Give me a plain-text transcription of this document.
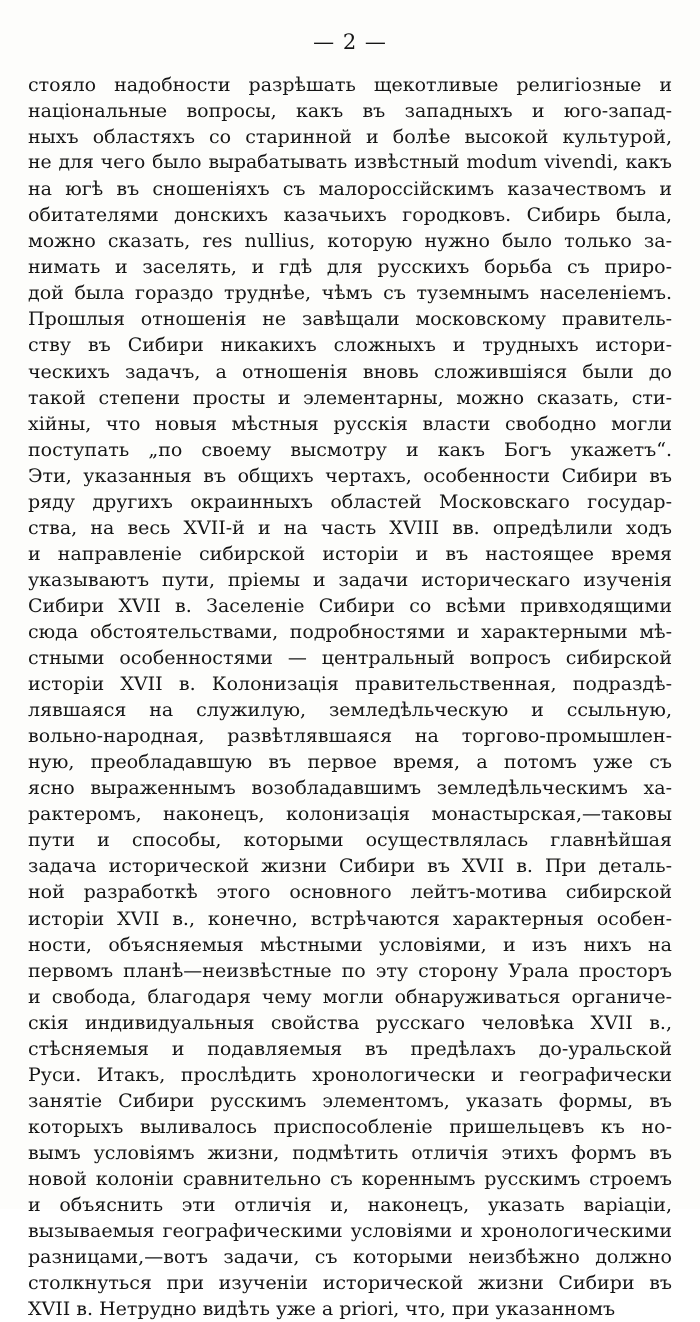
— 2 —
стояло надобности разрѣшать щекотливые религіозные и
національные вопросы, какъ въ западныхъ и юго-запад-
ныхъ областяхъ со старинной и болѣе высокой культурой,
не для чего было вырабатывать извѣстный modum vivendi, какъ
на югѣ въ сношеніяхъ съ малороссійскимъ казачествомъ и
обитателями донскихъ казачьихъ городковъ. Сибирь была,
можно сказать, res nullius, которую нужно было только за-
нимать и заселять, и гдѣ для русскихъ борьба съ приро-
дой была гораздо труднѣе, чѣмъ съ туземнымъ населеніемъ.
Прошлыя отношенія не завѣщали московскому правитель-
ству въ Сибири никакихъ сложныхъ и трудныхъ истори-
ческихъ задачъ, а отношенія вновь сложившіяся были до
такой степени просты и элементарны, можно сказать, сти-
хійны, что новыя мѣстныя русскія власти свободно могли
поступать „по своему высмотру и какъ Богъ укажетъ“.
Эти, указанныя въ общихъ чертахъ, особенности Сибири въ
ряду другихъ окраинныхъ областей Московскаго государ-
ства, на весь XVII-й и на часть XVIII вв. опредѣлили ходъ
и направленіе сибирской исторіи и въ настоящее время
указываютъ пути, пріемы и задачи историческаго изученія
Сибири XVII в. Заселеніе Сибири со всѣми привходящими
сюда обстоятельствами, подробностями и характерными мѣ-
стными особенностями — центральный вопросъ сибирской
исторіи XVII в. Колонизація правительственная, подраздѣ-
лявшаяся на служилую, земледѣльческую и ссыльную,
вольно-народная, развѣтлявшаяся на торгово-промышлен-
ную, преобладавшую въ первое время, а потомъ уже съ
ясно выраженнымъ возобладавшимъ земледѣльческимъ ха-
рактеромъ, наконецъ, колонизація монастырская,—таковы
пути и способы, которыми осуществлялась главнѣйшая
задача исторической жизни Сибири въ XVII в. При деталь-
ной разработкѣ этого основного лейтъ-мотива сибирской
исторіи XVII в., конечно, встрѣчаются характерныя особен-
ности, объясняемыя мѣстными условіями, и изъ нихъ на
первомъ планѣ—неизвѣстные по эту сторону Урала просторъ
и свобода, благодаря чему могли обнаруживаться органиче-
скія индивидуальныя свойства русскаго человѣка XVII в.,
стѣсняемыя и подавляемыя въ предѣлахъ до-уральской
Руси. Итакъ, прослѣдить хронологически и географически
занятіе Сибири русскимъ элементомъ, указать формы, въ
которыхъ выливалось приспособленіе пришельцевъ къ но-
вымъ условіямъ жизни, подмѣтить отличія этихъ формъ въ
новой колоніи сравнительно съ кореннымъ русскимъ строемъ
и объяснить эти отличія и, наконецъ, указать варіаціи,
вызываемыя географическими условіями и хронологическими
разницами,—вотъ задачи, съ которыми неизбѣжно должно
столкнуться при изученіи исторической жизни Сибири въ
XVII в. Нетрудно видѣть уже a priori, что, при указанномъ
